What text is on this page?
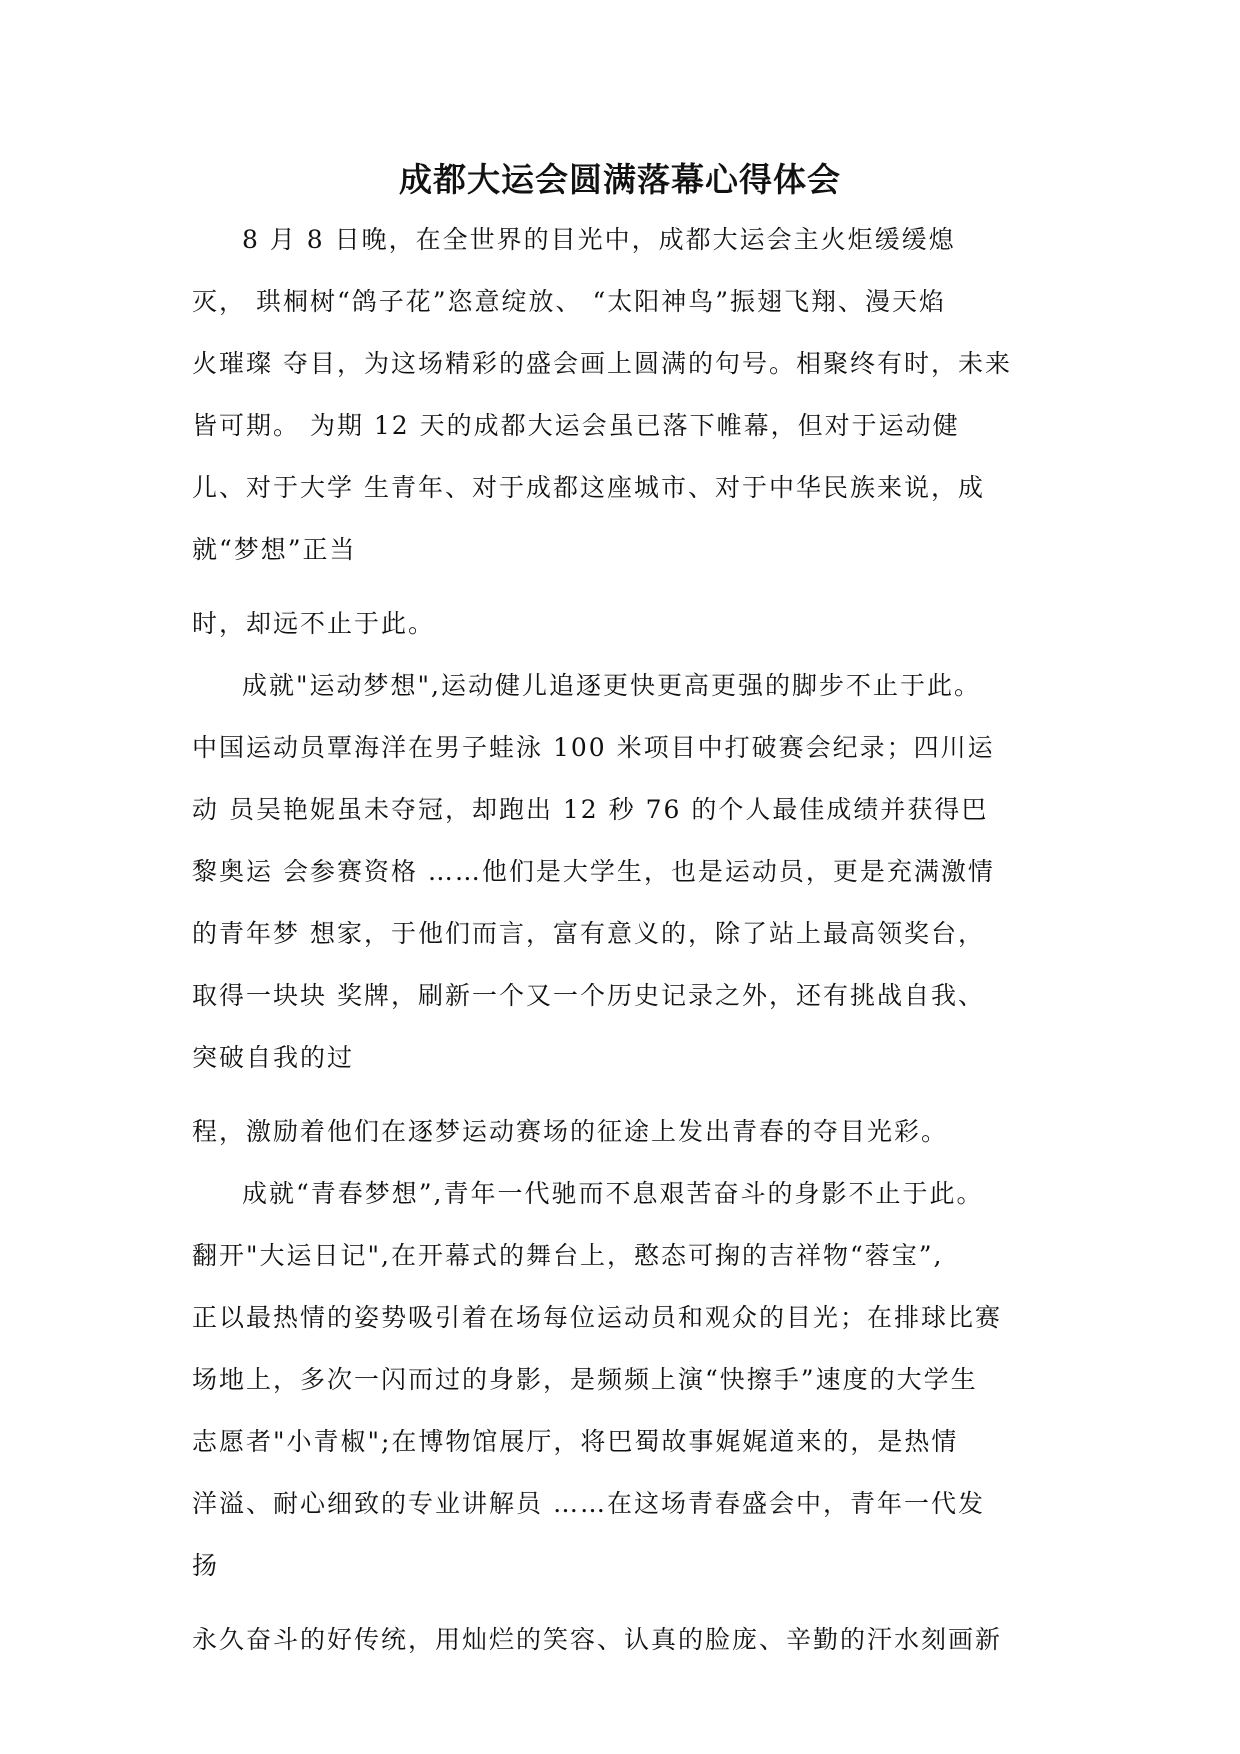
成都大运会圆满落幕心得体会
8 月 8 日晚，在全世界的目光中，成都大运会主火炬缓缓熄
灭， 珙桐树“鸽子花”恣意绽放、 “太阳神鸟”振翅飞翔、漫天焰
火璀璨 夺目，为这场精彩的盛会画上圆满的句号。相聚终有时，未来
皆可期。 为期 12 天的成都大运会虽已落下帷幕，但对于运动健
儿、对于大学 生青年、对于成都这座城市、对于中华民族来说，成
就“梦想”正当
时，却远不止于此。
成就"运动梦想",运动健儿追逐更快更高更强的脚步不止于此。
中国运动员覃海洋在男子蛙泳 100 米项目中打破赛会纪录；四川运
动 员吴艳妮虽未夺冠，却跑出 12 秒 76 的个人最佳成绩并获得巴
黎奥运 会参赛资格 ……他们是大学生，也是运动员，更是充满激情
的青年梦 想家，于他们而言，富有意义的，除了站上最高领奖台，
取得一块块 奖牌，刷新一个又一个历史记录之外，还有挑战自我、
突破自我的过
程，激励着他们在逐梦运动赛场的征途上发出青春的夺目光彩。
成就“青春梦想”,青年一代驰而不息艰苦奋斗的身影不止于此。
翻开"大运日记",在开幕式的舞台上，憨态可掬的吉祥物“蓉宝”,
正以最热情的姿势吸引着在场每位运动员和观众的目光；在排球比赛
场地上，多次一闪而过的身影，是频频上演“快擦手”速度的大学生
志愿者"小青椒";在博物馆展厅，将巴蜀故事娓娓道来的，是热情
洋溢、耐心细致的专业讲解员 ……在这场青春盛会中，青年一代发
扬
永久奋斗的好传统，用灿烂的笑容、认真的脸庞、辛勤的汗水刻画新
